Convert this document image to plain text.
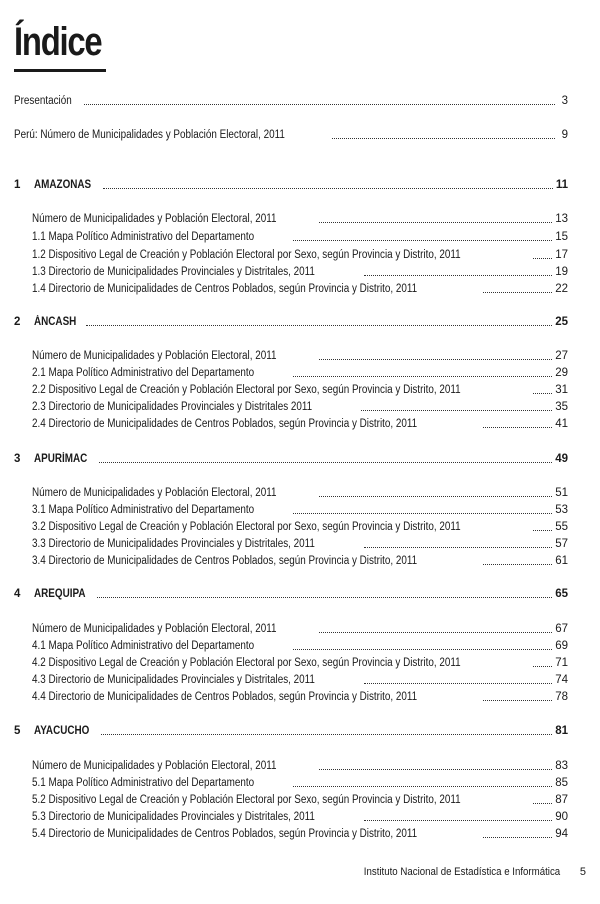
Índice
Presentación	3
Perú: Número de Municipalidades y Población Electoral, 2011	9
1	AMAZONAS	11
Número de Municipalidades y Población Electoral, 2011	13
1.1 Mapa Político Administrativo del Departamento	15
1.2 Dispositivo Legal de Creación y Población Electoral por Sexo, según Provincia y Distrito, 2011	17
1.3 Directorio de Municipalidades Provinciales y Distritales, 2011	19
1.4 Directorio de Municipalidades de Centros Poblados, según Provincia y Distrito, 2011	22
2	ÁNCASH	25
Número de Municipalidades y Población Electoral, 2011	27
2.1 Mapa Político Administrativo del Departamento	29
2.2 Dispositivo Legal de Creación y Población Electoral por Sexo, según Provincia y Distrito, 2011	31
2.3 Directorio de Municipalidades Provinciales y Distritales 2011	35
2.4 Directorio de Municipalidades de Centros Poblados, según Provincia y Distrito, 2011	41
3	APURÍMAC	49
Número de Municipalidades y Población Electoral, 2011	51
3.1 Mapa Político Administrativo del Departamento	53
3.2 Dispositivo Legal de Creación y Población Electoral por Sexo, según Provincia y Distrito, 2011	55
3.3 Directorio de Municipalidades Provinciales y Distritales, 2011	57
3.4 Directorio de Municipalidades de Centros Poblados, según Provincia y Distrito, 2011	61
4	AREQUIPA	65
Número de Municipalidades y Población Electoral, 2011	67
4.1 Mapa Político Administrativo del Departamento	69
4.2 Dispositivo Legal de Creación y Población Electoral por Sexo, según Provincia y Distrito, 2011	71
4.3 Directorio de Municipalidades Provinciales y Distritales, 2011	74
4.4 Directorio de Municipalidades de Centros Poblados, según Provincia y Distrito, 2011	78
5	AYACUCHO	81
Número de Municipalidades y Población Electoral, 2011	83
5.1 Mapa Político Administrativo del Departamento	85
5.2 Dispositivo Legal de Creación y Población Electoral por Sexo, según Provincia y Distrito, 2011	87
5.3 Directorio de Municipalidades Provinciales y Distritales, 2011	90
5.4 Directorio de Municipalidades de Centros Poblados, según Provincia y Distrito, 2011	94
Instituto Nacional de Estadística e Informática 5
